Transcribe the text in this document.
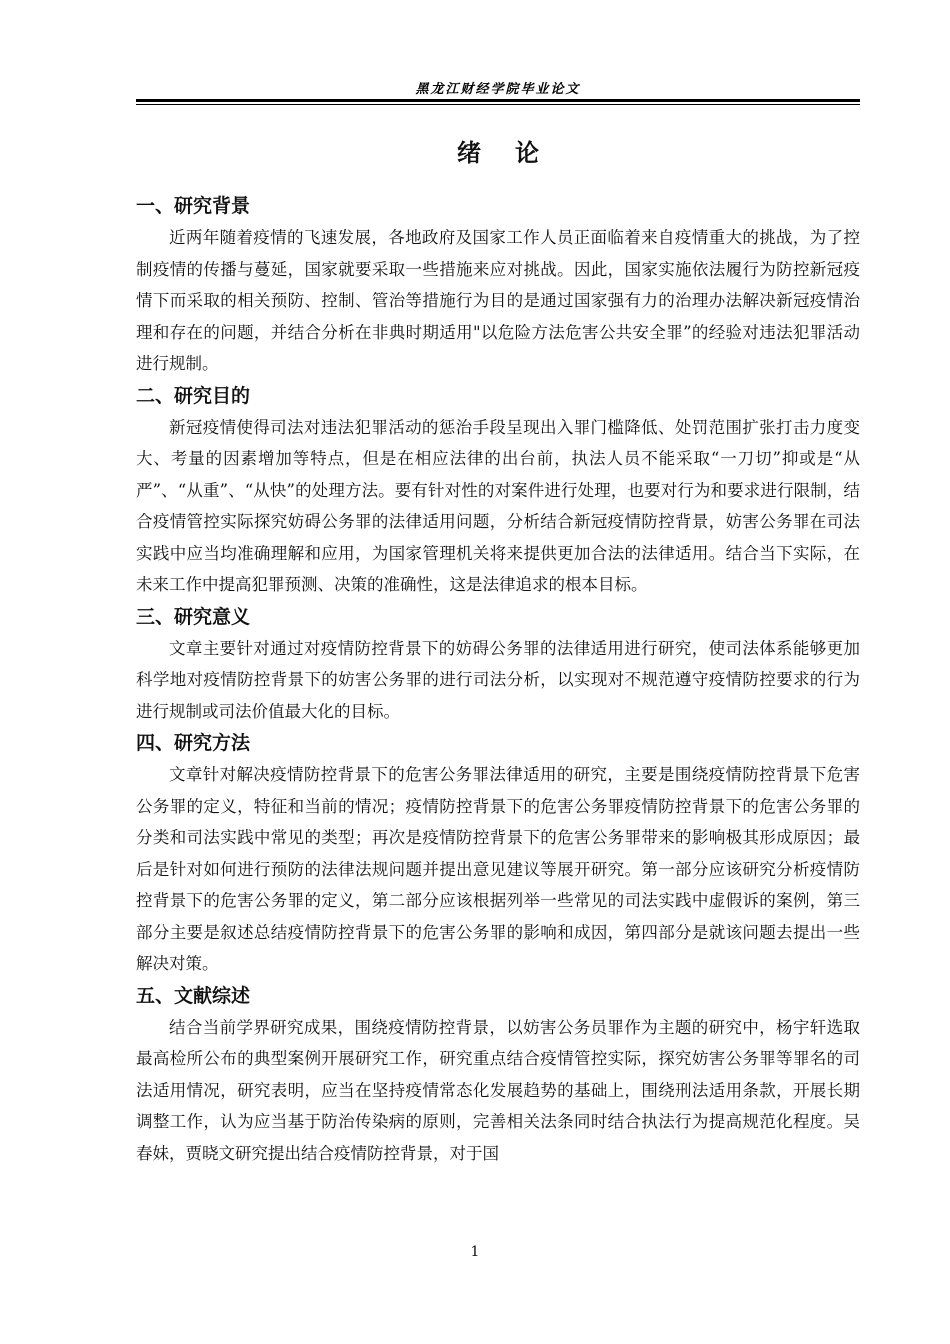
黑龙江财经学院毕业论文
绪论
一、研究背景

近两年随着疫情的飞速发展，各地政府及国家工作人员正面临着来自疫情重大的挑战，为了控制疫情的传播与蔓延，国家就要采取一些措施来应对挑战。因此，国家实施依法履行为防控新冠疫情下而采取的相关预防、控制、管治等措施行为目的是通过国家强有力的治理办法解决新冠疫情治理和存在的问题，并结合分析在非典时期适用"以危险方法危害公共安全罪”的经验对违法犯罪活动进行规制。

二、研究目的

新冠疫情使得司法对违法犯罪活动的惩治手段呈现出入罪门槛降低、处罚范围扩张打击力度变大、考量的因素增加等特点，但是在相应法律的出台前，执法人员不能采取“一刀切”抑或是“从严”、“从重”、“从快”的处理方法。要有针对性的对案件进行处理，也要对行为和要求进行限制，结合疫情管控实际探究妨碍公务罪的法律适用问题，分析结合新冠疫情防控背景，妨害公务罪在司法实践中应当均准确理解和应用，为国家管理机关将来提供更加合法的法律适用。结合当下实际，在未来工作中提高犯罪预测、决策的准确性，这是法律追求的根本目标。

三、研究意义

文章主要针对通过对疫情防控背景下的妨碍公务罪的法律适用进行研究，使司法体系能够更加科学地对疫情防控背景下的妨害公务罪的进行司法分析，以实现对不规范遵守疫情防控要求的行为进行规制或司法价值最大化的目标。

四、研究方法

文章针对解决疫情防控背景下的危害公务罪法律适用的研究，主要是围绕疫情防控背景下危害公务罪的定义，特征和当前的情况；疫情防控背景下的危害公务罪疫情防控背景下的危害公务罪的分类和司法实践中常见的类型；再次是疫情防控背景下的危害公务罪带来的影响极其形成原因；最后是针对如何进行预防的法律法规问题并提出意见建议等展开研究。第一部分应该研究分析疫情防控背景下的危害公务罪的定义，第二部分应该根据列举一些常见的司法实践中虚假诉的案例，第三部分主要是叙述总结疫情防控背景下的危害公务罪的影响和成因，第四部分是就该问题去提出一些解决对策。

五、文献综述

结合当前学界研究成果，围绕疫情防控背景，以妨害公务员罪作为主题的研究中，杨宇轩选取最高检所公布的典型案例开展研究工作，研究重点结合疫情管控实际，探究妨害公务罪等罪名的司法适用情况，研究表明，应当在坚持疫情常态化发展趋势的基础上，围绕刑法适用条款，开展长期调整工作，认为应当基于防治传染病的原则，完善相关法条同时结合执法行为提高规范化程度。吴春妹，贾晓文研究提出结合疫情防控背景，对于国

1
